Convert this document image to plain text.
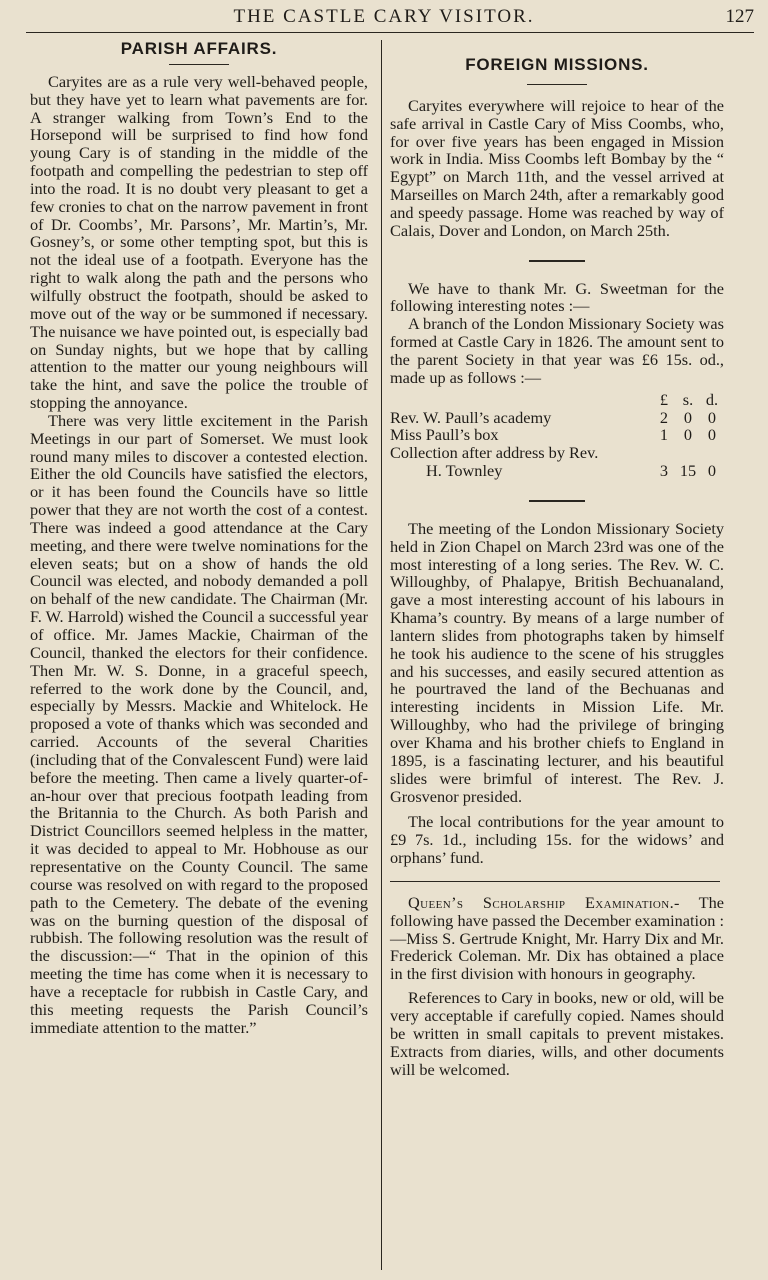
THE CASTLE CARY VISITOR.	127
PARISH AFFAIRS.

Caryites are as a rule very well-behaved people, but they have yet to learn what pavements are for. A stranger walking from Town’s End to the Horsepond will be surprised to find how fond young Cary is of standing in the middle of the footpath and compelling the pedestrian to step off into the road. It is no doubt very pleasant to get a few cronies to chat on the narrow pavement in front of Dr. Coombs’, Mr. Parsons’, Mr. Martin’s, Mr. Gosney’s, or some other tempting spot, but this is not the ideal use of a footpath. Everyone has the right to walk along the path and the persons who wilfully obstruct the footpath, should be asked to move out of the way or be summoned if necessary. The nuisance we have pointed out, is especially bad on Sunday nights, but we hope that by calling attention to the matter our young neighbours will take the hint, and save the police the trouble of stopping the annoyance.

There was very little excitement in the Parish Meetings in our part of Somerset. We must look round many miles to discover a contested election. Either the old Councils have satisfied the electors, or it has been found the Councils have so little power that they are not worth the cost of a contest. There was indeed a good attendance at the Cary meeting, and there were twelve nominations for the eleven seats; but on a show of hands the old Council was elected, and nobody demanded a poll on behalf of the new candidate. The Chairman (Mr. F. W. Harrold) wished the Council a successful year of office. Mr. James Mackie, Chairman of the Council, thanked the electors for their confidence. Then Mr. W. S. Donne, in a graceful speech, referred to the work done by the Council, and, especially by Messrs. Mackie and Whitelock. He proposed a vote of thanks which was seconded and carried. Accounts of the several Charities (including that of the Convalescent Fund) were laid before the meeting. Then came a lively quarter-of-an-hour over that precious footpath leading from the Britannia to the Church. As both Parish and District Councillors seemed helpless in the matter, it was decided to appeal to Mr. Hobhouse as our representative on the County Council. The same course was resolved on with regard to the proposed path to the Cemetery. The debate of the evening was on the burning question of the disposal of rubbish. The following resolution was the result of the discussion:—“ That in the opinion of this meeting the time has come when it is necessary to have a receptacle for rubbish in Castle Cary, and this meeting requests the Parish Council’s immediate attention to the matter.”

FOREIGN MISSIONS.

Caryites everywhere will rejoice to hear of the safe arrival in Castle Cary of Miss Coombs, who, for over five years has been engaged in Mission work in India. Miss Coombs left Bombay by the “ Egypt” on March 11th, and the vessel arrived at Marseilles on March 24th, after a remarkably good and speedy passage. Home was reached by way of Calais, Dover and London, on March 25th.

We have to thank Mr. G. Sweetman for the following interesting notes :—

A branch of the London Missionary Society was formed at Castle Cary in 1826. The amount sent to the parent Society in that year was £6 15s. od., made up as follows :—

	£	s.	d.
Rev. W. Paull’s academy	2	0	0
Miss Paull’s box	1	0	0
Collection after address by Rev.			
H. Townley	3	15	0

The meeting of the London Missionary Society held in Zion Chapel on March 23rd was one of the most interesting of a long series. The Rev. W. C. Willoughby, of Phalapye, British Bechuanaland, gave a most interesting account of his labours in Khama’s country. By means of a large number of lantern slides from photographs taken by himself he took his audience to the scene of his struggles and his successes, and easily secured attention as he pourtraved the land of the Bechuanas and interesting incidents in Mission Life. Mr. Willoughby, who had the privilege of bringing over Khama and his brother chiefs to England in 1895, is a fascinating lecturer, and his beautiful slides were brimful of interest. The Rev. J. Grosvenor presided.

The local contributions for the year amount to £9 7s. 1d., including 15s. for the widows’ and orphans’ fund.

Queen’s Scholarship Examination.- The following have passed the December examination :—Miss S. Gertrude Knight, Mr. Harry Dix and Mr. Frederick Coleman. Mr. Dix has obtained a place in the first division with honours in geography.

References to Cary in books, new or old, will be very acceptable if carefully copied. Names should be written in small capitals to prevent mistakes. Extracts from diaries, wills, and other documents will be welcomed.
